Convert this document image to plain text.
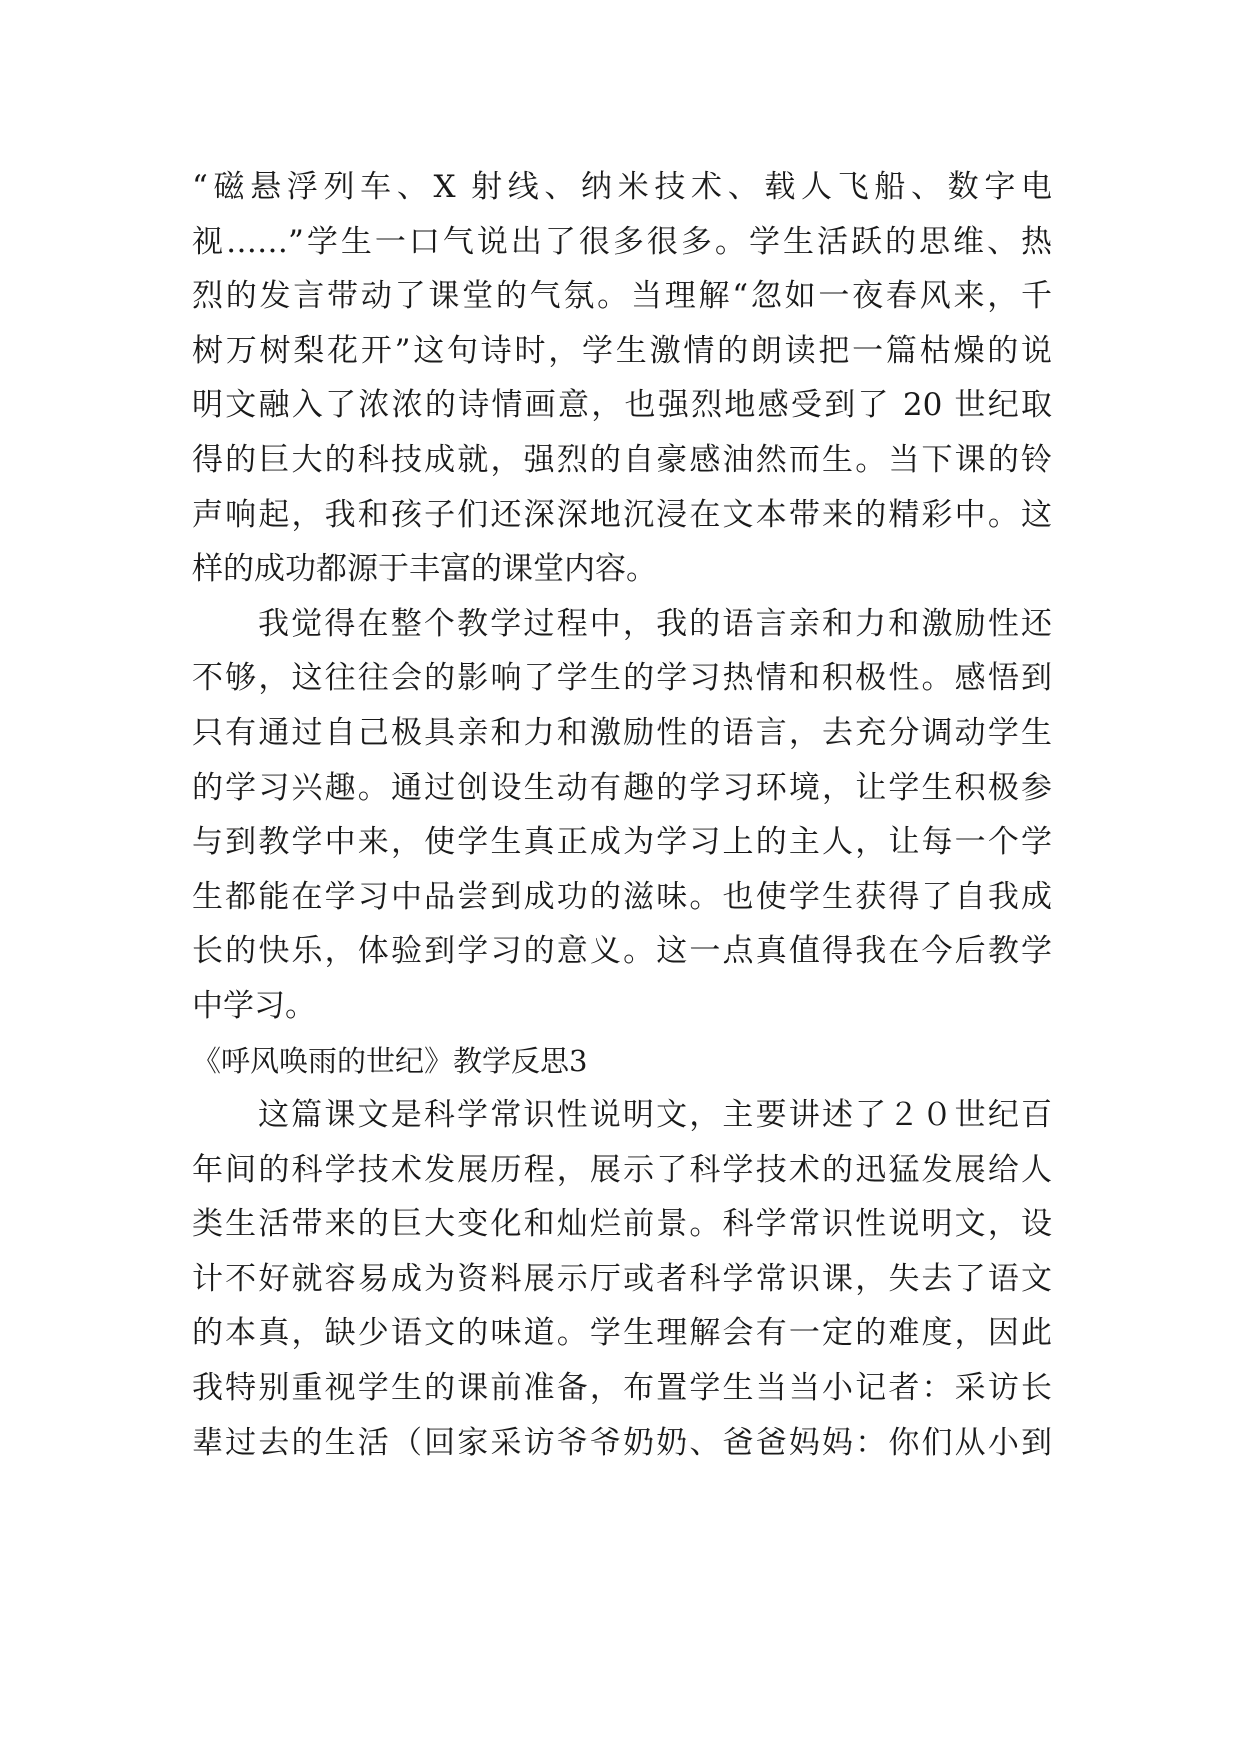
“磁悬浮列车、X 射线、纳米技术、载人飞船、数字电
视……”学生一口气说出了很多很多。学生活跃的思维、热
烈的发言带动了课堂的气氛。当理解“忽如一夜春风来，千
树万树梨花开”这句诗时，学生激情的朗读把一篇枯燥的说
明文融入了浓浓的诗情画意，也强烈地感受到了 20 世纪取
得的巨大的科技成就，强烈的自豪感油然而生。当下课的铃
声响起，我和孩子们还深深地沉浸在文本带来的精彩中。这
样的成功都源于丰富的课堂内容。
我觉得在整个教学过程中，我的语言亲和力和激励性还
不够，这往往会的影响了学生的学习热情和积极性。感悟到
只有通过自己极具亲和力和激励性的语言，去充分调动学生
的学习兴趣。通过创设生动有趣的学习环境，让学生积极参
与到教学中来，使学生真正成为学习上的主人，让每一个学
生都能在学习中品尝到成功的滋味。也使学生获得了自我成
长的快乐，体验到学习的意义。这一点真值得我在今后教学
中学习。
《呼风唤雨的世纪》教学反思3
这篇课文是科学常识性说明文，主要讲述了２０世纪百
年间的科学技术发展历程，展示了科学技术的迅猛发展给人
类生活带来的巨大变化和灿烂前景。科学常识性说明文，设
计不好就容易成为资料展示厅或者科学常识课，失去了语文
的本真，缺少语文的味道。学生理解会有一定的难度，因此
我特别重视学生的课前准备，布置学生当当小记者：采访长
辈过去的生活（回家采访爷爷奶奶、爸爸妈妈：你们从小到
